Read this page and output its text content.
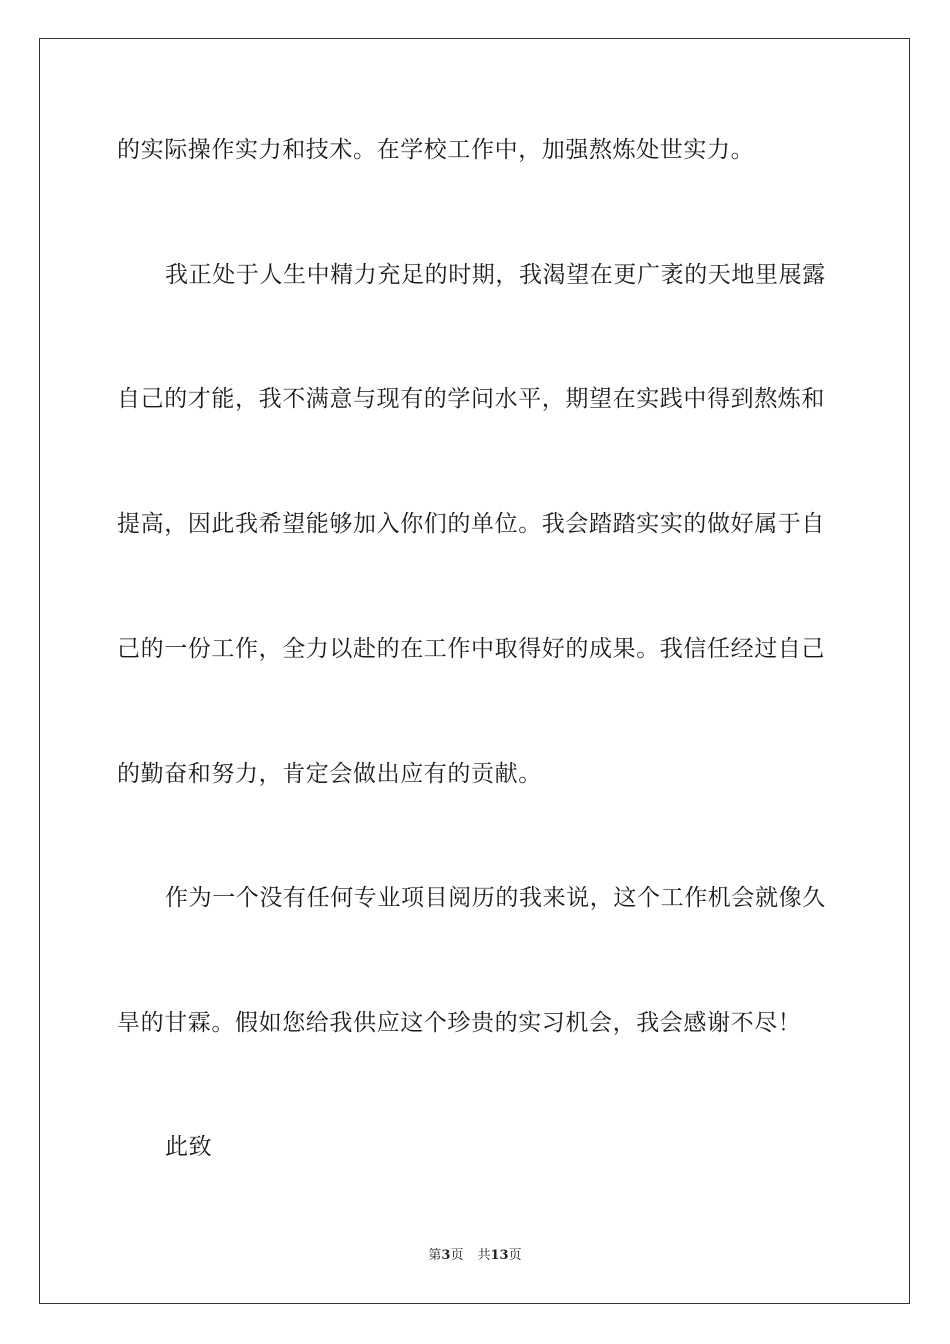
的实际操作实力和技术。在学校工作中，加强熬炼处世实力。
我正处于人生中精力充足的时期，我渴望在更广袤的天地里展露
自己的才能，我不满意与现有的学问水平，期望在实践中得到熬炼和
提高，因此我希望能够加入你们的单位。我会踏踏实实的做好属于自
己的一份工作，全力以赴的在工作中取得好的成果。我信任经过自己
的勤奋和努力，肯定会做出应有的贡献。
作为一个没有任何专业项目阅历的我来说，这个工作机会就像久
旱的甘霖。假如您给我供应这个珍贵的实习机会，我会感谢不尽！
此致
第3页 共13页
